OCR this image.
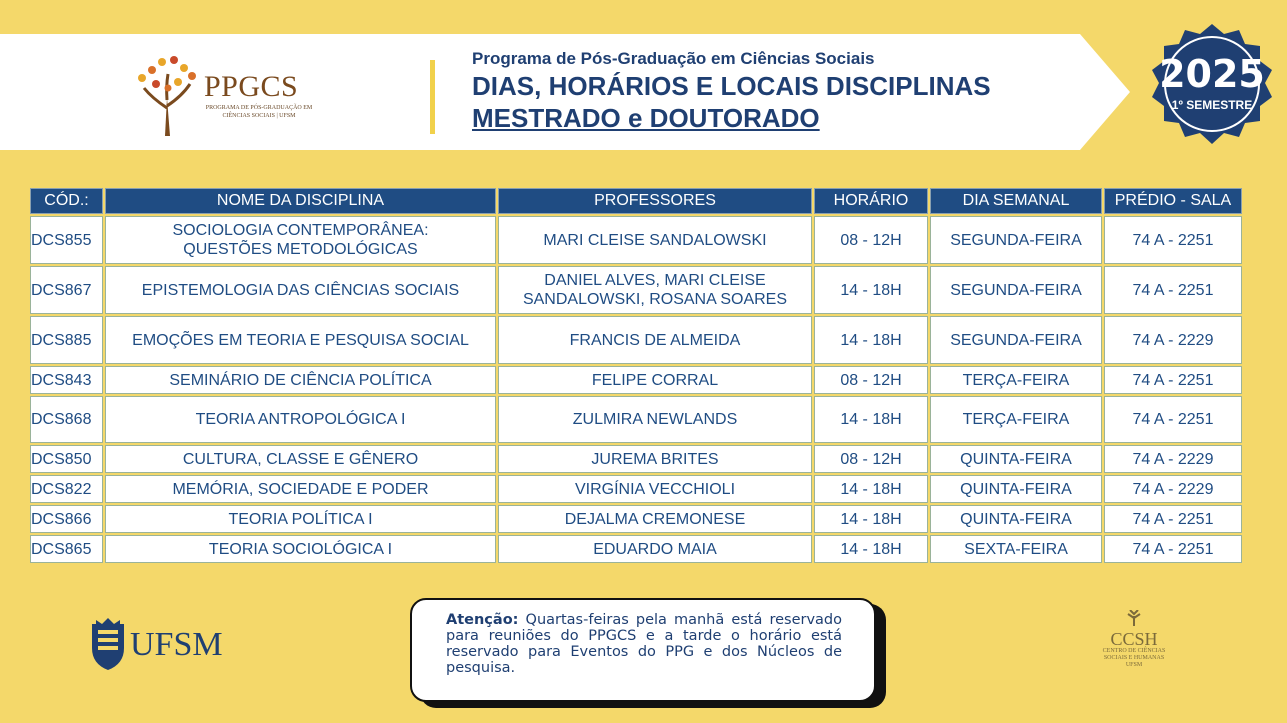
PPGCS
PROGRAMA DE PÓS-GRADUAÇÃO EM
CIÊNCIAS SOCIAIS | UFSM
Programa de Pós-Graduação em Ciências Sociais
DIAS, HORÁRIOS E LOCAIS DISCIPLINAS
MESTRADO e DOUTORADO
2025
1º SEMESTRE
CÓD.:	NOME DA DISCIPLINA	PROFESSORES	HORÁRIO	DIA SEMANAL	PRÉDIO - SALA
DCS855	SOCIOLOGIA CONTEMPORÂNEA:
QUESTÕES METODOLÓGICAS	MARI CLEISE SANDALOWSKI	08 - 12H	SEGUNDA-FEIRA	74 A - 2251
DCS867	EPISTEMOLOGIA DAS CIÊNCIAS SOCIAIS	DANIEL ALVES, MARI CLEISE
SANDALOWSKI, ROSANA SOARES	14 - 18H	SEGUNDA-FEIRA	74 A - 2251
DCS885	EMOÇÕES EM TEORIA E PESQUISA SOCIAL	FRANCIS DE ALMEIDA	14 - 18H	SEGUNDA-FEIRA	74 A - 2229
DCS843	SEMINÁRIO DE CIÊNCIA POLÍTICA	FELIPE CORRAL	08 - 12H	TERÇA-FEIRA	74 A - 2251
DCS868	TEORIA ANTROPOLÓGICA I	ZULMIRA NEWLANDS	14 - 18H	TERÇA-FEIRA	74 A - 2251
DCS850	CULTURA, CLASSE E GÊNERO	JUREMA BRITES	08 - 12H	QUINTA-FEIRA	74 A - 2229
DCS822	MEMÓRIA, SOCIEDADE E PODER	VIRGÍNIA VECCHIOLI	14 - 18H	QUINTA-FEIRA	74 A - 2229
DCS866	TEORIA POLÍTICA I	DEJALMA CREMONESE	14 - 18H	QUINTA-FEIRA	74 A - 2251
DCS865	TEORIA SOCIOLÓGICA I	EDUARDO MAIA	14 - 18H	SEXTA-FEIRA	74 A - 2251
UFSM
Atenção: Quartas-feiras pela manhã está reservado para reuniões do PPGCS e a tarde o horário está reservado para Eventos do PPG e dos Núcleos de pesquisa.
CCSH
CENTRO DE CIÊNCIAS
SOCIAIS E HUMANAS
UFSM
